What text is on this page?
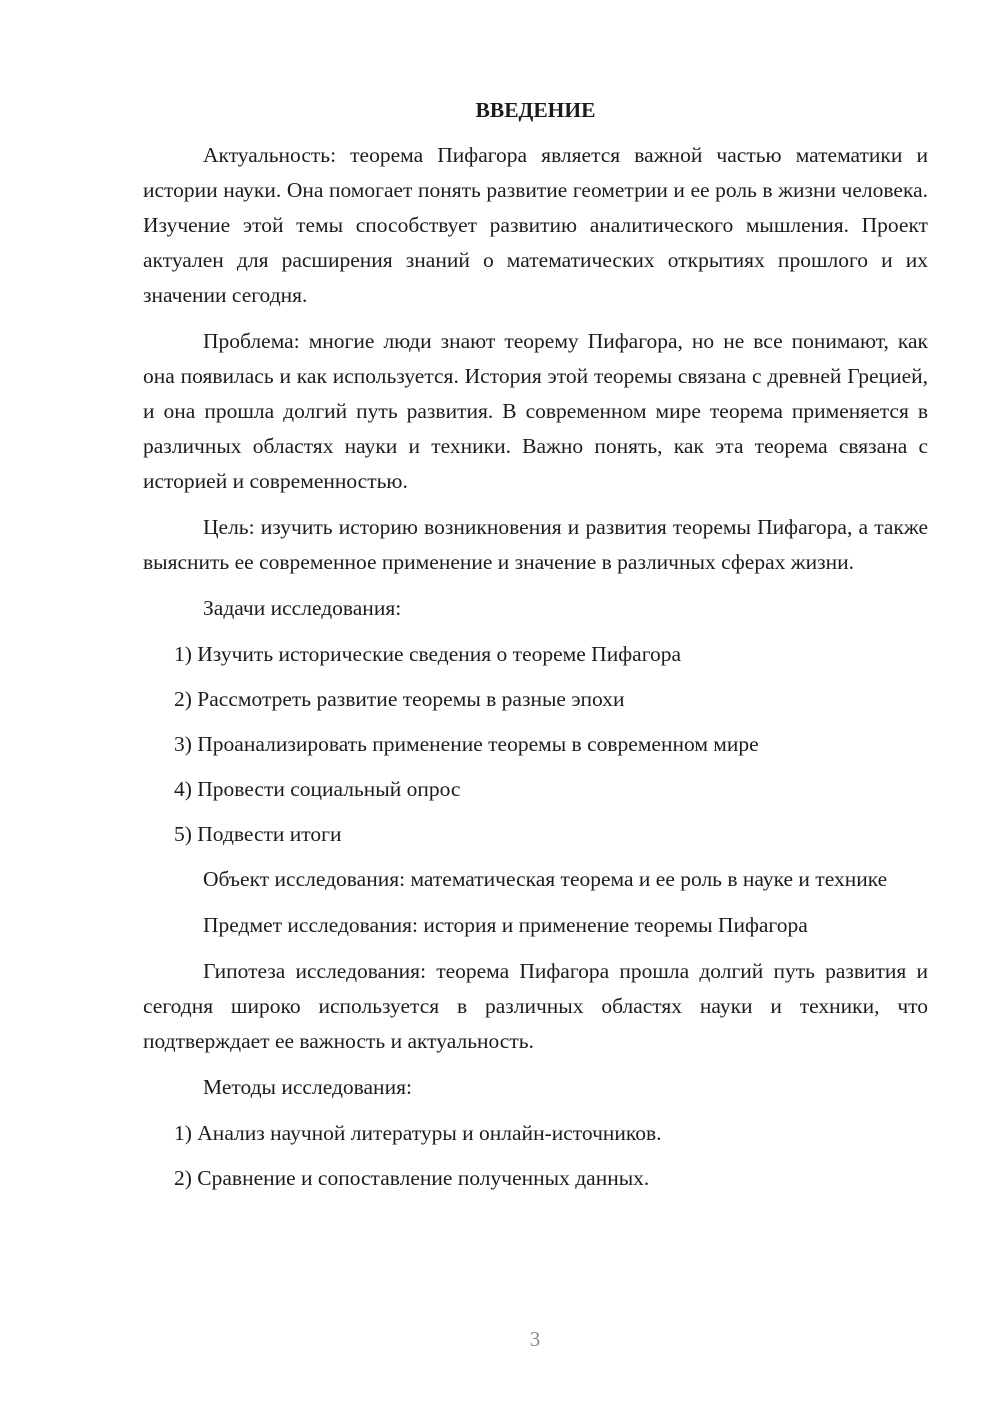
ВВЕДЕНИЕ

Актуальность: теорема Пифагора является важной частью математики и истории науки. Она помогает понять развитие геометрии и ее роль в жизни человека. Изучение этой темы способствует развитию аналитического мышления. Проект актуален для расширения знаний о математических открытиях прошлого и их значении сегодня.

Проблема: многие люди знают теорему Пифагора, но не все понимают, как она появилась и как используется. История этой теоремы связана с древней Грецией, и она прошла долгий путь развития. В современном мире теорема применяется в различных областях науки и техники. Важно понять, как эта теорема связана с историей и современностью.

Цель: изучить историю возникновения и развития теоремы Пифагора, а также выяснить ее современное применение и значение в различных сферах жизни.

Задачи исследования:

1) Изучить исторические сведения о теореме Пифагора
2) Рассмотреть развитие теоремы в разные эпохи
3) Проанализировать применение теоремы в современном мире
4) Провести социальный опрос
5) Подвести итоги

Объект исследования: математическая теорема и ее роль в науке и технике

Предмет исследования: история и применение теоремы Пифагора

Гипотеза исследования: теорема Пифагора прошла долгий путь развития и сегодня широко используется в различных областях науки и техники, что подтверждает ее важность и актуальность.

Методы исследования:

1) Анализ научной литературы и онлайн-источников.
2) Сравнение и сопоставление полученных данных.
3
